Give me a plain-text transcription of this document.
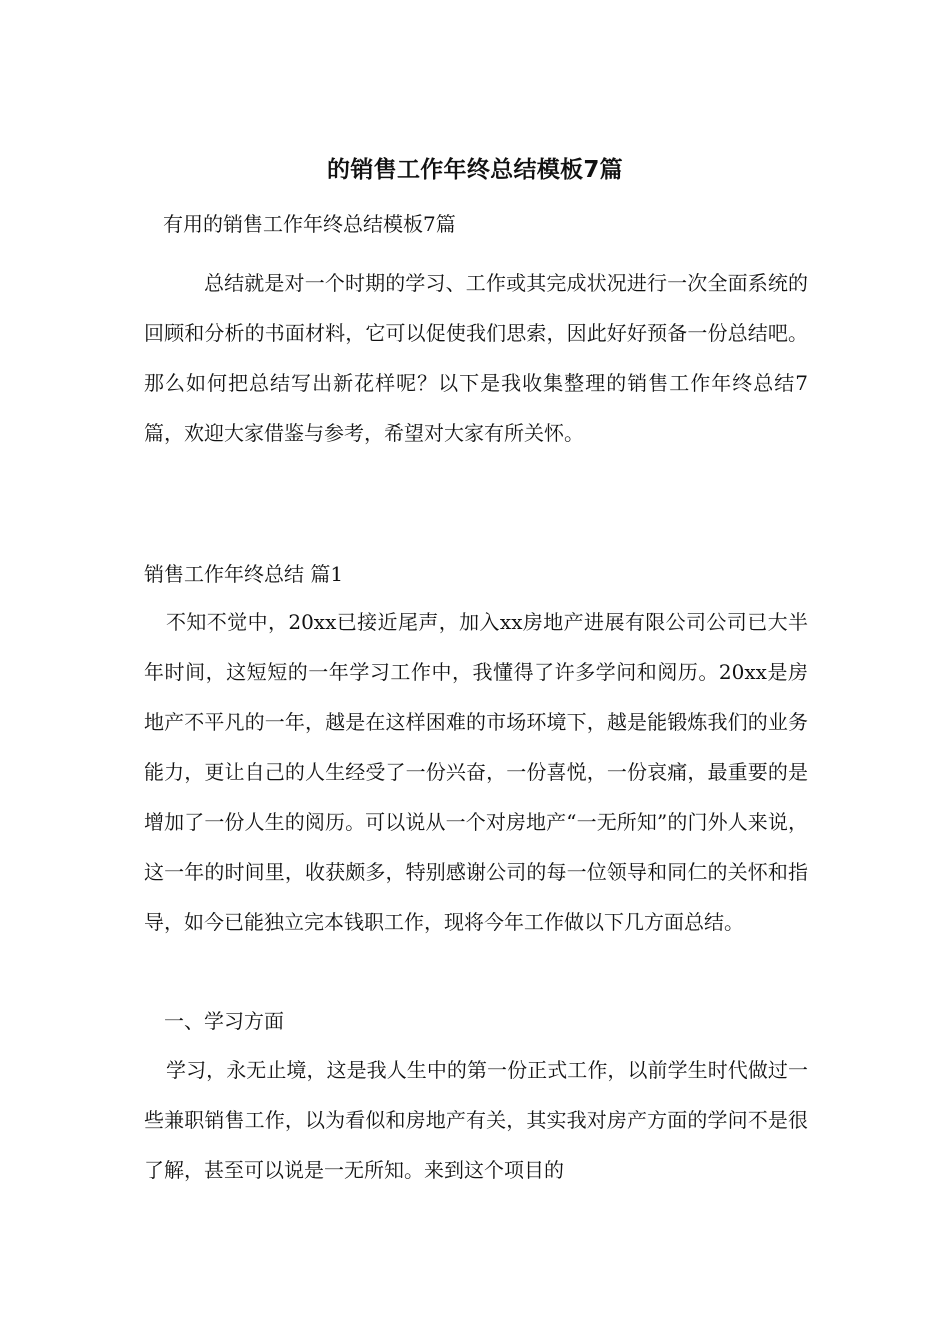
的销售工作年终总结模板7篇
有用的销售工作年终总结模板7篇

总结就是对一个时期的学习、工作或其完成状况进行一次全面系统的回顾和分析的书面材料，它可以促使我们思索，因此好好预备一份总结吧。那么如何把总结写出新花样呢？以下是我收集整理的销售工作年终总结7篇，欢迎大家借鉴与参考，希望对大家有所关怀。

销售工作年终总结 篇1

不知不觉中，20xx已接近尾声，加入xx房地产进展有限公司公司已大半年时间，这短短的一年学习工作中，我懂得了许多学问和阅历。20xx是房地产不平凡的一年，越是在这样困难的市场环境下，越是能锻炼我们的业务能力，更让自己的人生经受了一份兴奋，一份喜悦，一份哀痛，最重要的是增加了一份人生的阅历。可以说从一个对房地产“一无所知”的门外人来说，这一年的时间里，收获颇多，特别感谢公司的每一位领导和同仁的关怀和指导，如今已能独立完本钱职工作，现将今年工作做以下几方面总结。

一、学习方面

学习，永无止境，这是我人生中的第一份正式工作，以前学生时代做过一些兼职销售工作，以为看似和房地产有关，其实我对房产方面的学问不是很了解，甚至可以说是一无所知。来到这个项目的
